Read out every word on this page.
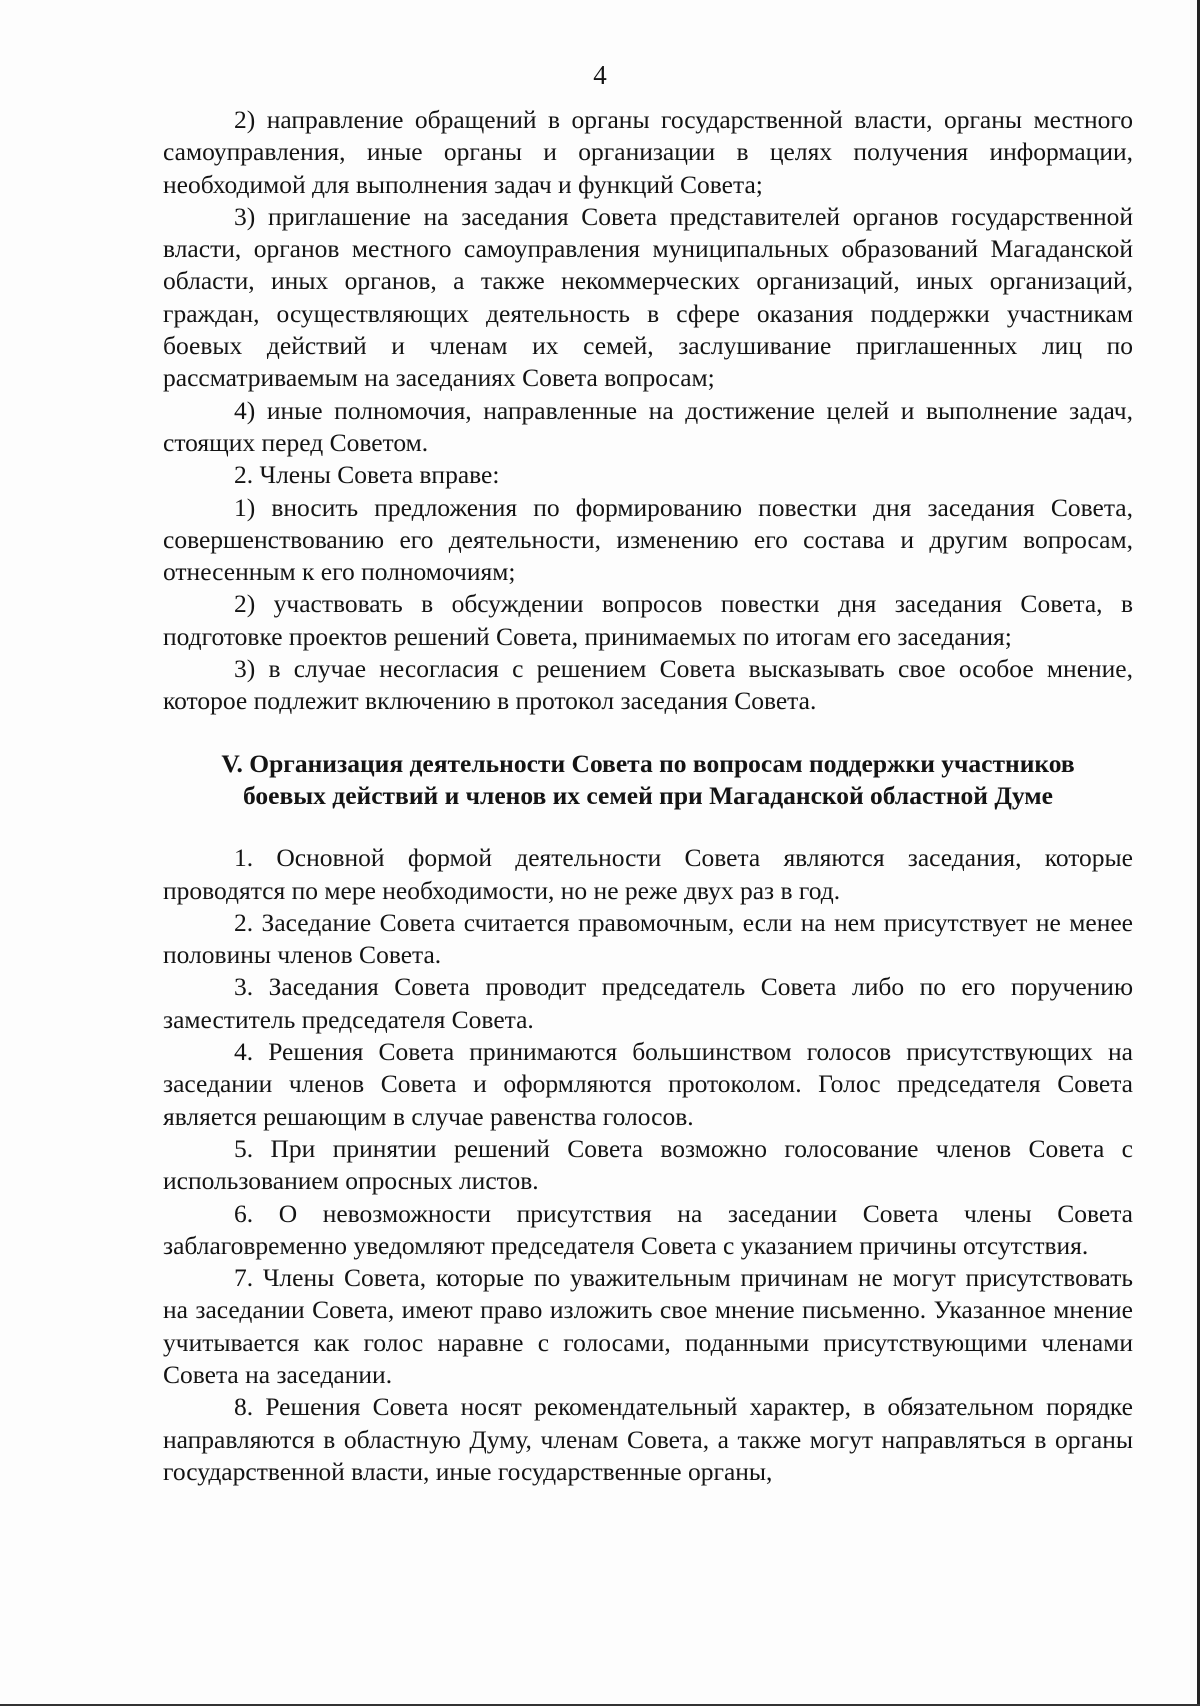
4

2) направление обращений в органы государственной власти, органы местного самоуправления, иные органы и организации в целях получения информации, необходимой для выполнения задач и функций Совета;

3) приглашение на заседания Совета представителей органов государственной власти, органов местного самоуправления муниципальных образований Магаданской области, иных органов, а также некоммерческих организаций, иных организаций, граждан, осуществляющих деятельность в сфере оказания поддержки участникам боевых действий и членам их семей, заслушивание приглашенных лиц по рассматриваемым на заседаниях Совета вопросам;

4) иные полномочия, направленные на достижение целей и выполнение задач, стоящих перед Советом.

2. Члены Совета вправе:

1) вносить предложения по формированию повестки дня заседания Совета, совершенствованию его деятельности, изменению его состава и другим вопросам, отнесенным к его полномочиям;

2) участвовать в обсуждении вопросов повестки дня заседания Совета, в подготовке проектов решений Совета, принимаемых по итогам его заседания;

3) в случае несогласия с решением Совета высказывать свое особое мнение, которое подлежит включению в протокол заседания Совета.

V. Организация деятельности Совета по вопросам поддержки участников
боевых действий и членов их семей при Магаданской областной Думе

1. Основной формой деятельности Совета являются заседания, которые проводятся по мере необходимости, но не реже двух раз в год.

2. Заседание Совета считается правомочным, если на нем присутствует не менее половины членов Совета.

3. Заседания Совета проводит председатель Совета либо по его поручению заместитель председателя Совета.

4. Решения Совета принимаются большинством голосов присутствующих на заседании членов Совета и оформляются протоколом. Голос председателя Совета является решающим в случае равенства голосов.

5. При принятии решений Совета возможно голосование членов Совета с использованием опросных листов.

6. О невозможности присутствия на заседании Совета члены Совета заблаговременно уведомляют председателя Совета с указанием причины отсутствия.

7. Члены Совета, которые по уважительным причинам не могут присутствовать на заседании Совета, имеют право изложить свое мнение письменно. Указанное мнение учитывается как голос наравне с голосами, поданными присутствующими членами Совета на заседании.

8. Решения Совета носят рекомендательный характер, в обязательном порядке направляются в областную Думу, членам Совета, а также могут направляться в органы государственной власти, иные государственные органы,
